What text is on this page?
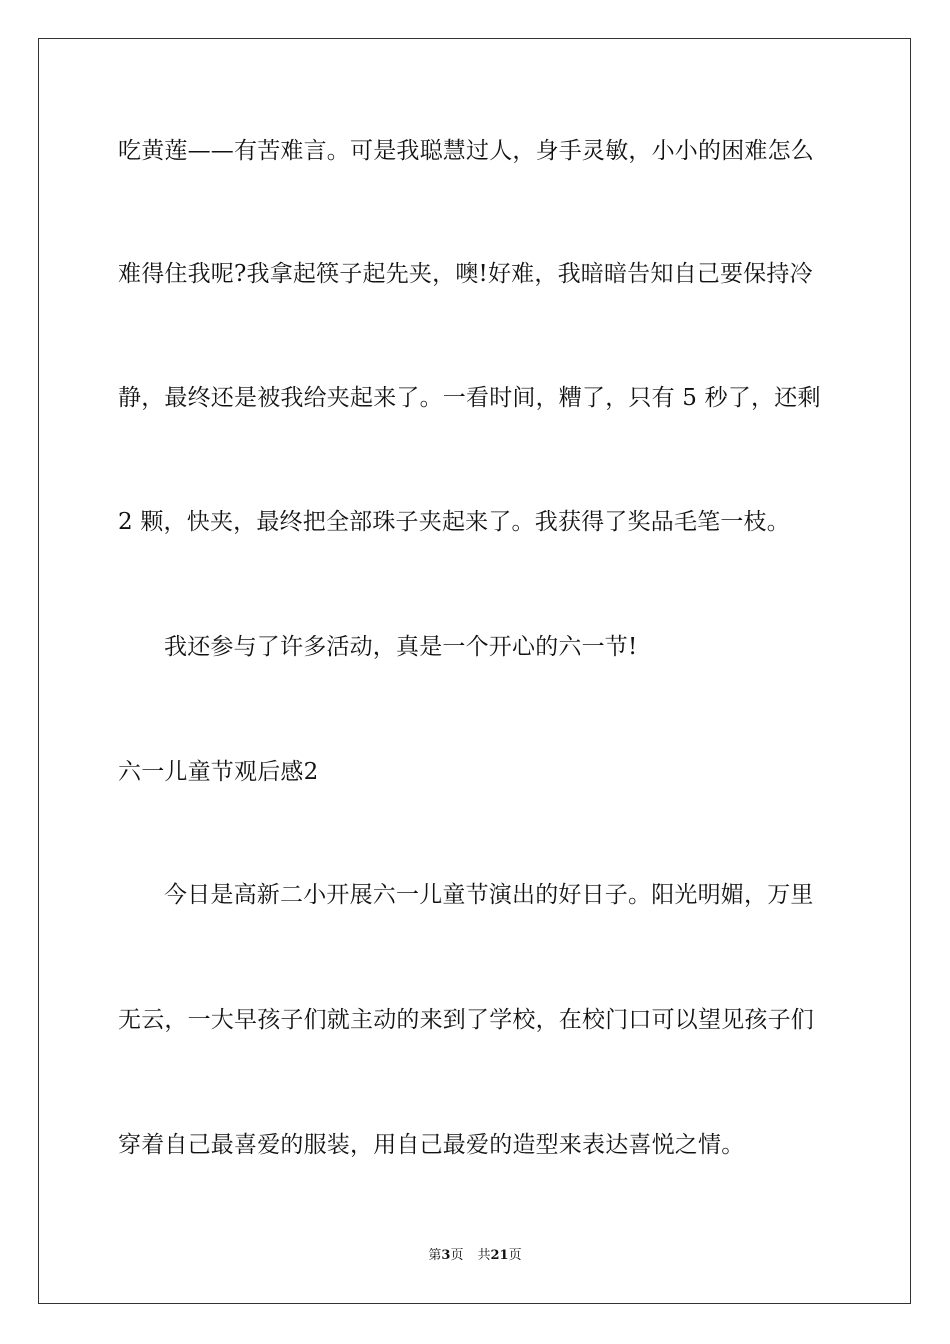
吃黄莲——有苦难言。可是我聪慧过人，身手灵敏，小小的困难怎么
难得住我呢?我拿起筷子起先夹，噢!好难，我暗暗告知自己要保持冷
静，最终还是被我给夹起来了。一看时间，糟了，只有 5 秒了，还剩
2 颗，快夹，最终把全部珠子夹起来了。我获得了奖品毛笔一枝。
我还参与了许多活动，真是一个开心的六一节!
六一儿童节观后感2
今日是高新二小开展六一儿童节演出的好日子。阳光明媚，万里
无云，一大早孩子们就主动的来到了学校，在校门口可以望见孩子们
穿着自己最喜爱的服装，用自己最爱的造型来表达喜悦之情。
第3页 共21页
